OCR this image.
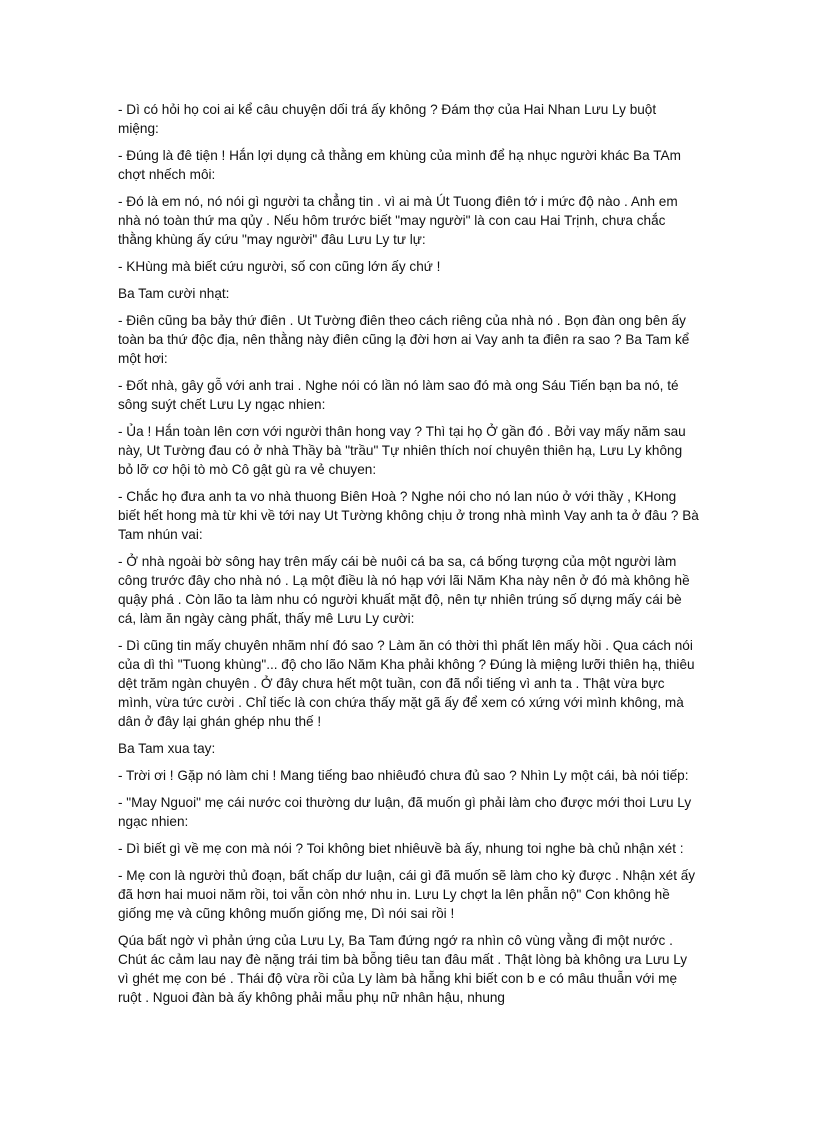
- Dì có hỏi họ coi ai kể câu chuyện dối trá ấy không ? Đám thợ của Hai Nhan Lưu Ly buột miệng:

- Đúng là đê tiện ! Hắn lợi dụng cả thằng em khùng của mình để hạ nhục người khác Ba TAm chợt nhếch môi:

- Đó là em nó, nó nói gì người ta chẳng tin . vì ai mà Út Tuong điên tớ i mức độ nào . Anh em nhà nó toàn thứ ma qủy . Nếu hôm trước biết "may người" là con cau Hai Trịnh, chưa chắc thằng khùng ấy cứu "may người" đâu Lưu Ly tư lự:

- KHùng mà biết cứu người, số con cũng lớn ấy chứ !

Ba Tam cười nhạt:

- Điên cũng ba bảy thứ điên . Ut Tường điên theo cách riêng của nhà nó . Bọn đàn ong bên ấy toàn ba thứ độc địa, nên thằng này điên cũng lạ đời hơn ai Vay anh ta điên ra sao ? Ba Tam kể một hơi:

- Đốt nhà, gây gỗ với anh trai . Nghe nói có lần nó làm sao đó mà ong Sáu Tiến bạn ba nó, té sông suýt chết Lưu Ly ngạc nhien:

- Ủa ! Hắn toàn lên cơn với người thân hong vay ? Thì tại họ Ở gần đó . Bởi vay mấy năm sau này, Ut Tường đau có ở nhà Thầy bà "trầu" Tự nhiên thích noí chuyên thiên hạ, Lưu Ly không bỏ lỡ cơ hội tò mò Cô gật gù ra vẻ chuyen:

- Chắc họ đưa anh ta vo nhà thuong Biên Hoà ? Nghe nói cho nó lan núo ở với thầy , KHong biết hết hong mà từ khi về tới nay Ut Tường không chịu ở trong nhà mình Vay anh ta ở đâu ? Bà Tam nhún vai:

- Ở nhà ngoài bờ sông hay trên mấy cái bè nuôi cá ba sa, cá bống tượng của một người làm công trước đây cho nhà nó . Lạ một điều là nó hạp với lãi Năm Kha này nên ở đó mà không hề quậy phá . Còn lão ta làm nhu có người khuất mặt độ, nên tự nhiên trúng số dựng mấy cái bè cá, làm ăn ngày càng phất, thấy mê Lưu Ly cười:

- Dì cũng tin mấy chuyên nhãm nhí đó sao ? Làm ăn có thời thì phất lên mấy hồi . Qua cách nói của dì thì "Tuong khùng"... độ cho lão Năm Kha phải không ? Đúng là miệng lưỡi thiên hạ, thiêu dệt trăm ngàn chuyên . Ở đây chưa hết một tuần, con đã nổi tiếng vì anh ta . Thật vừa bực mình, vừa tức cười . Chỉ tiếc là con chứa thấy mặt gã ấy để xem có xứng với mình không, mà dân ở đây lại ghán ghép nhu thế !

Ba Tam xua tay:

- Trời ơi ! Gặp nó làm chi ! Mang tiếng bao nhiêuđó chưa đủ sao ? Nhìn Ly một cái, bà nói tiếp:

- "May Nguoi" mẹ cái nước coi thường dư luận, đã muốn gì phải làm cho được mới thoi Lưu Ly ngạc nhien:

- Dì biết gì về mẹ con mà nói ? Toi không biet nhiêuvề bà ấy, nhung toi nghe bà chủ nhận xét :

- Mẹ con là người thủ đoạn, bất chấp dư luận, cái gì đã muốn sẽ làm cho kỳ được . Nhận xét ấy đã hơn hai muoi năm rồi, toi vẫn còn nhớ nhu in. Lưu Ly chợt la lên phẫn nộ" Con không hề giống mẹ và cũng không muốn giống mẹ, Dì nói sai rồi !

Qúa bất ngờ vì phản ứng của Lưu Ly, Ba Tam đứng ngớ ra nhìn cô vùng vằng đi một nước . Chút ác cảm lau nay đè nặng trái tim bà bỗng tiêu tan đâu mất . Thật lòng bà không ưa Lưu Ly vì ghét mẹ con bé . Thái độ vừa rồi của Ly làm bà hẵng khi biết con b e có mâu thuẫn với mẹ ruột . Nguoi đàn bà ấy không phải mẫu phụ nữ nhân hậu, nhung
